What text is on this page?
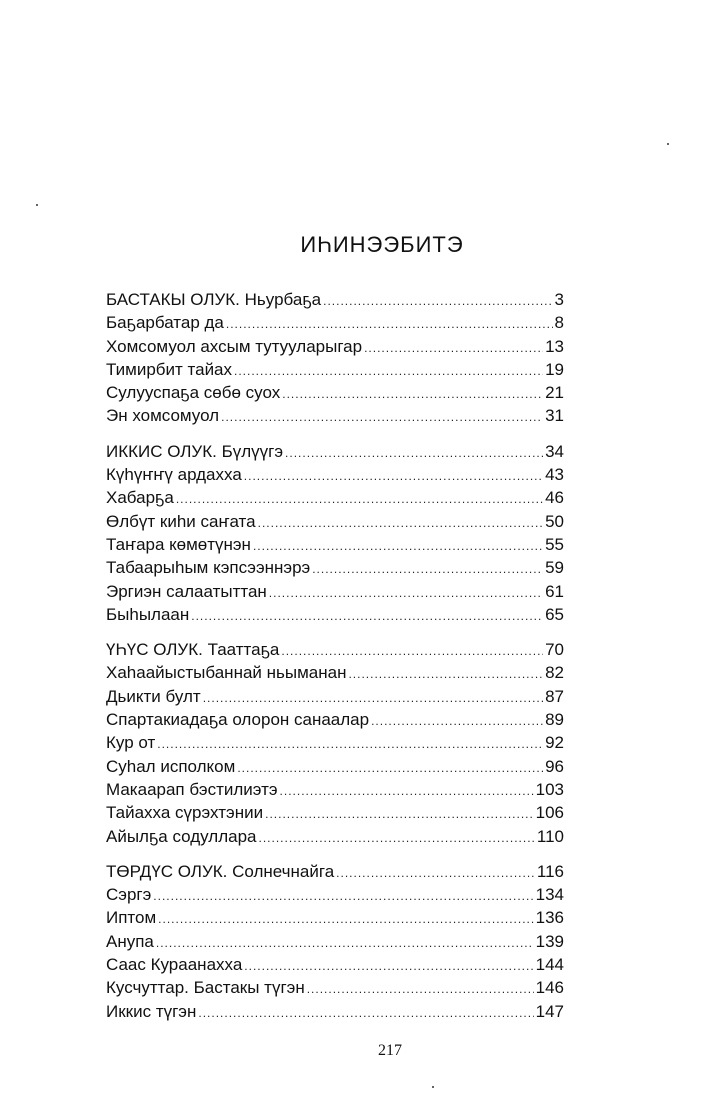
ИҺИНЭЭБИТЭ
БАСТАКЫ ОЛУК. Ньурбаҕа .....	3
Баҕарбатар да .....	8
Хомсомуол ахсым тутууларыгар .....	13
Тимирбит тайах .....	19
Сулууспаҕа сөбө суох .....	21
Эн хомсомуол .....	31
ИККИС ОЛУК. Бүлүүгэ .....	34
Күһүҥҥү ардахха .....	43
Хабарҕа .....	46
Өлбүт киһи саҥата .....	50
Таҥара көмөтүнэн .....	55
Табаарыһым кэпсээннэрэ .....	59
Эргиэн салаатыттан .....	61
Быһылаан .....	65
ҮҺҮС ОЛУК. Тааттаҕа .....	70
Хаһаайыстыбаннай ньыманан .....	82
Дьикти булт .....	87
Спартакиадаҕа олорон санаалар .....	89
Кур от .....	92
Суһал исполком .....	96
Макаарап бэстилиэтэ .....	103
Тайахха сүрэхтэнии .....	106
Айылҕа содуллара .....	110
ТӨРДҮС ОЛУК. Солнечнайга .....	116
Сэргэ .....	134
Иптом .....	136
Анупа .....	139
Саас Кураанахха .....	144
Кусчуттар. Бастакы түгэн .....	146
Иккис түгэн .....	147
217
